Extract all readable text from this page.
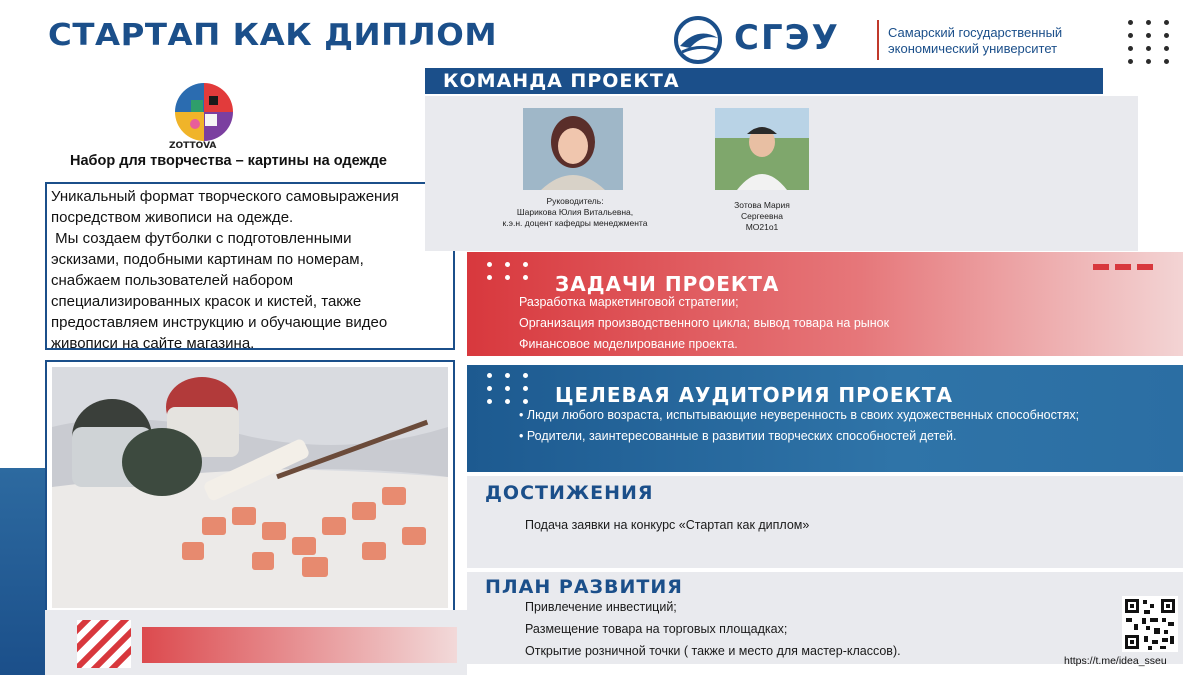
СТАРТАП КАК ДИПЛОМ	СГЭУ	Самарский государственный
экономический университет
ZOTTOVA
Набор для творчества – картины на одежде
Уникальный формат творческого самовыражения
посредством живописи на одежде.
Мы создаем футболки с подготовленными
эскизами, подобными картинам по номерам,
снабжаем пользователей набором
специализированных красок и кистей, также
предоставляем инструкцию и обучающие видео
живописи на сайте магазина.
КОМАНДА ПРОЕКТА
Руководитель:
Шарикова Юлия Витальевна,
к.э.н. доцент кафедры менеджмента
Зотова Мария
Сергеевна
МО21о1
ЗАДАЧИ ПРОЕКТА
Разработка маркетинговой стратегии;
Организация производственного цикла; вывод товара на рынок
Финансовое моделирование проекта.
ЦЕЛЕВАЯ АУДИТОРИЯ ПРОЕКТА
• Люди любого возраста, испытывающие неуверенность в своих художественных способностях;
• Родители, заинтересованные в развитии творческих способностей детей.
ДОСТИЖЕНИЯ
Подача заявки на конкурс «Стартап как диплом»
ПЛАН РАЗВИТИЯ
Привлечение инвестиций;
Размещение товара на торговых площадках;
Открытие розничной точки ( также и место для мастер-классов).
https://t.me/idea_sseu
